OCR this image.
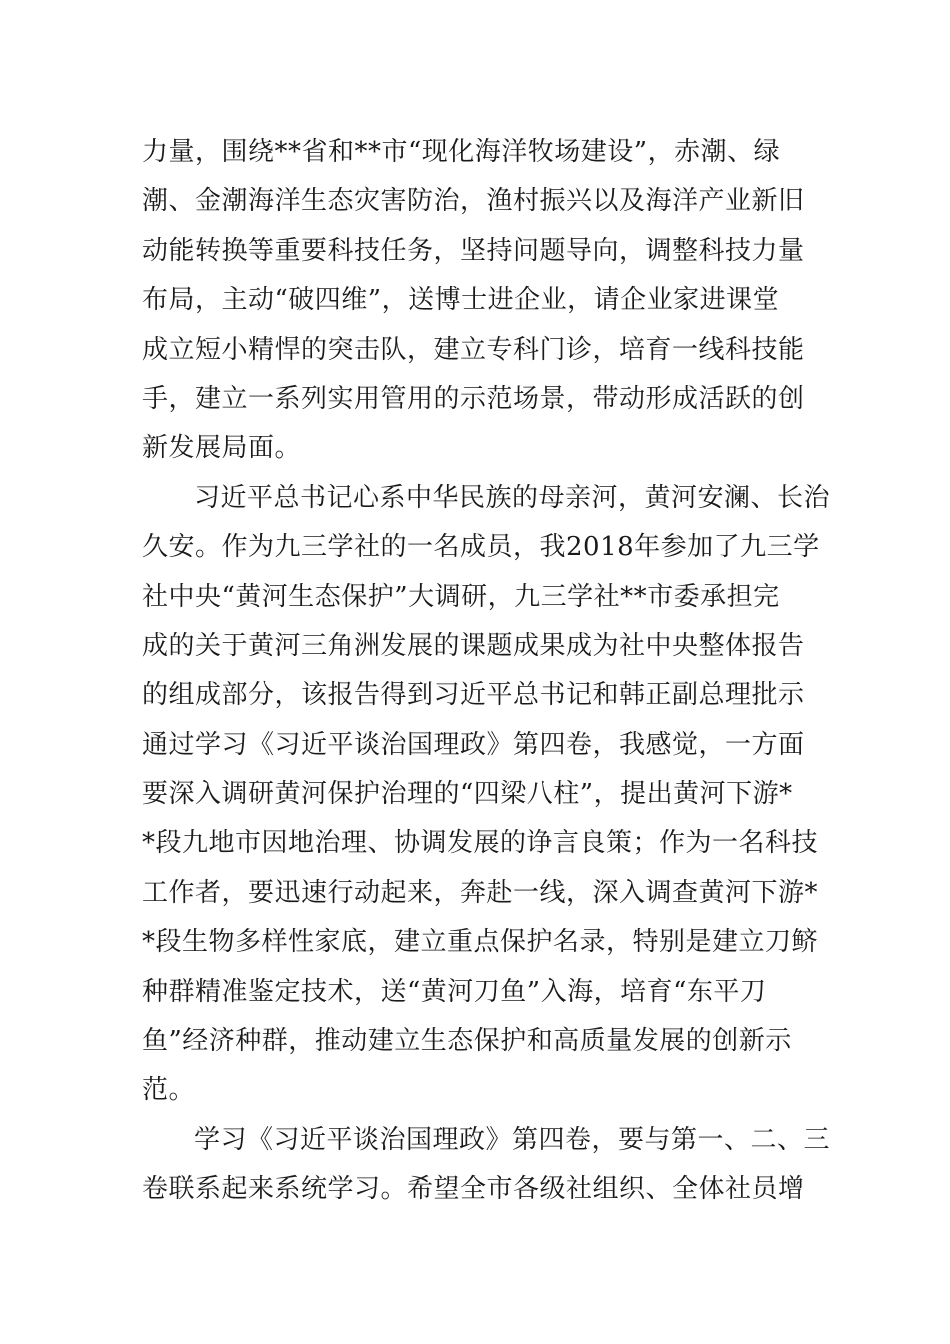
力量，围绕**省和**市“现化海洋牧场建设”，赤潮、绿
潮、金潮海洋生态灾害防治，渔村振兴以及海洋产业新旧
动能转换等重要科技任务，坚持问题导向，调整科技力量
布局，主动“破四维”，送博士进企业，请企业家进课堂
成立短小精悍的突击队，建立专科门诊，培育一线科技能
手，建立一系列实用管用的示范场景，带动形成活跃的创
新发展局面。
习近平总书记心系中华民族的母亲河，黄河安澜、长治
久安。作为九三学社的一名成员，我2018年参加了九三学
社中央“黄河生态保护”大调研，九三学社**市委承担完
成的关于黄河三角洲发展的课题成果成为社中央整体报告
的组成部分，该报告得到习近平总书记和韩正副总理批示
通过学习《习近平谈治国理政》第四卷，我感觉，一方面
要深入调研黄河保护治理的“四梁八柱”，提出黄河下游*
*段九地市因地治理、协调发展的诤言良策；作为一名科技
工作者，要迅速行动起来，奔赴一线，深入调查黄河下游*
*段生物多样性家底，建立重点保护名录，特别是建立刀鲚
种群精准鉴定技术，送“黄河刀鱼”入海，培育“东平刀
鱼”经济种群，推动建立生态保护和高质量发展的创新示
范。
学习《习近平谈治国理政》第四卷，要与第一、二、三
卷联系起来系统学习。希望全市各级社组织、全体社员增
